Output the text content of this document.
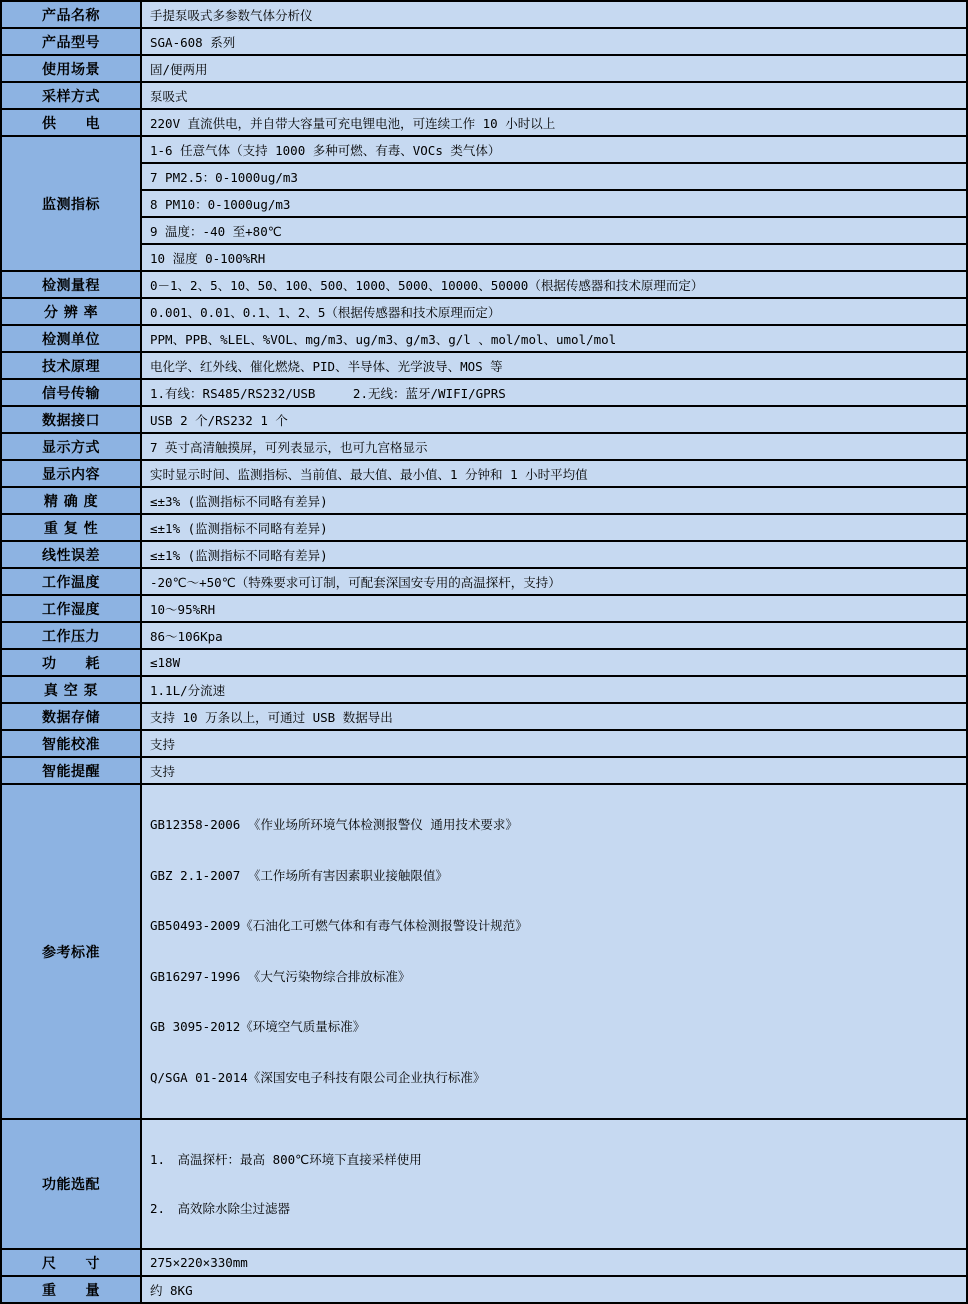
产品名称	手提泵吸式多参数气体分析仪
产品型号	SGA-608 系列
使用场景	固/便两用
采样方式	泵吸式
供　　电	220V 直流供电，并自带大容量可充电锂电池，可连续工作 10 小时以上
监测指标	1-6 任意气体（支持 1000 多种可燃、有毒、VOCs 类气体）
	7 PM2.5：0-1000ug/m3
	8 PM10：0-1000ug/m3
	9 温度：-40 至+80℃
	10 湿度 0-100%RH
检测量程	0－1、2、5、10、50、100、500、1000、5000、10000、50000（根据传感器和技术原理而定）
分 辨 率	0.001、0.01、0.1、1、2、5（根据传感器和技术原理而定）
检测单位	PPM、PPB、%LEL、%VOL、mg/m3、ug/m3、g/m3、g/l 、mol/mol、umol/mol
技术原理	电化学、红外线、催化燃烧、PID、半导体、光学波导、MOS 等
信号传输	1.有线：RS485/RS232/USB　　　2.无线：蓝牙/WIFI/GPRS
数据接口	USB 2 个/RS232 1 个
显示方式	7 英寸高清触摸屏，可列表显示，也可九宫格显示
显示内容	实时显示时间、监测指标、当前值、最大值、最小值、1 分钟和 1 小时平均值
精 确 度	≤±3% (监测指标不同略有差异)
重 复 性	≤±1% (监测指标不同略有差异)
线性误差	≤±1% (监测指标不同略有差异)
工作温度	-20℃～+50℃（特殊要求可订制，可配套深国安专用的高温探杆，支持）
工作湿度	10～95%RH
工作压力	86～106Kpa
功　　耗	≤18W
真 空 泵	1.1L/分流速
数据存储	支持 10 万条以上，可通过 USB 数据导出
智能校准	支持
智能提醒	支持
参考标准	

GB12358-2006 《作业场所环境气体检测报警仪 通用技术要求》

GBZ 2.1-2007 《工作场所有害因素职业接触限值》

GB50493-2009《石油化工可燃气体和有毒气体检测报警设计规范》

GB16297-1996 《大气污染物综合排放标准》

GB 3095-2012《环境空气质量标准》

Q/SGA 01-2014《深国安电子科技有限公司企业执行标准》

功能选配	1.　高温探杆：最高 800℃环境下直接采样使用

2.　高效除水除尘过滤器

尺　　寸	275×220×330mm
重　　量	约 8KG
